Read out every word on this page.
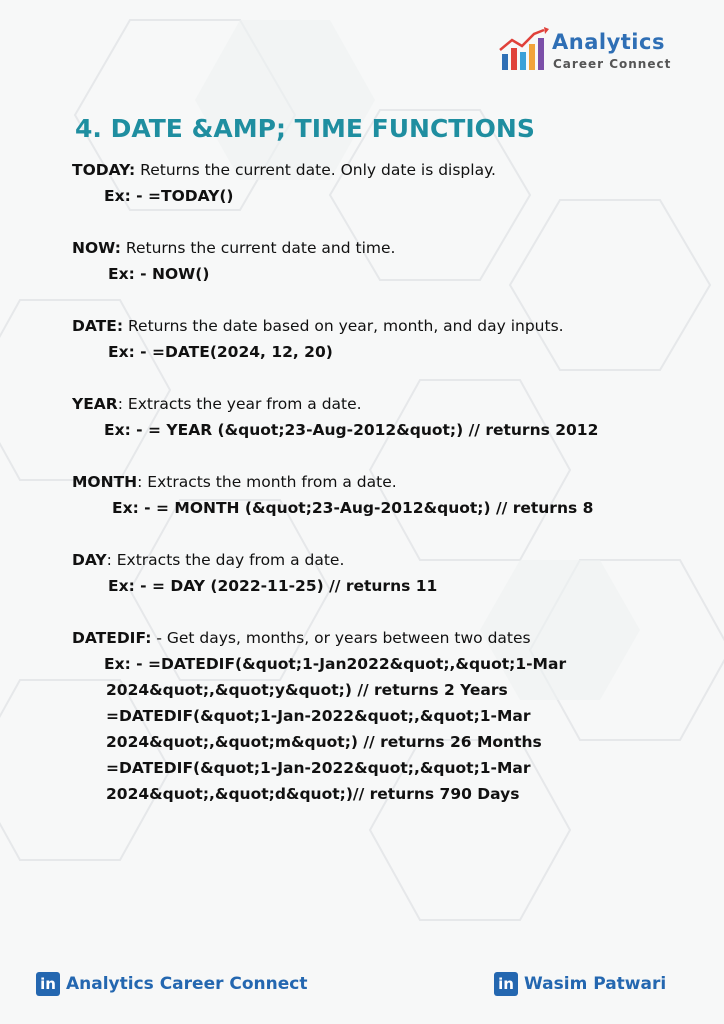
Analytics
Career Connect
4. DATE &AMP; TIME FUNCTIONS
TODAY: Returns the current date. Only date is display.
Ex: - =TODAY()
NOW: Returns the current date and time.
Ex: - NOW()
DATE: Returns the date based on year, month, and day inputs.
Ex: - =DATE(2024, 12, 20)
YEAR: Extracts the year from a date.
Ex: - = YEAR (&quot;23-Aug-2012&quot;) // returns 2012
MONTH: Extracts the month from a date.
Ex: - = MONTH (&quot;23-Aug-2012&quot;) // returns 8
DAY: Extracts the day from a date.
Ex: - = DAY (2022-11-25) // returns 11
DATEDIF: - Get days, months, or years between two dates
Ex: - =DATEDIF(&quot;1-Jan2022&quot;,&quot;1-Mar
2024&quot;,&quot;y&quot;) // returns 2 Years
=DATEDIF(&quot;1-Jan-2022&quot;,&quot;1-Mar
2024&quot;,&quot;m&quot;) // returns 26 Months
=DATEDIF(&quot;1-Jan-2022&quot;,&quot;1-Mar
2024&quot;,&quot;d&quot;)// returns 790 Days
in Analytics Career Connect	in Wasim Patwari
